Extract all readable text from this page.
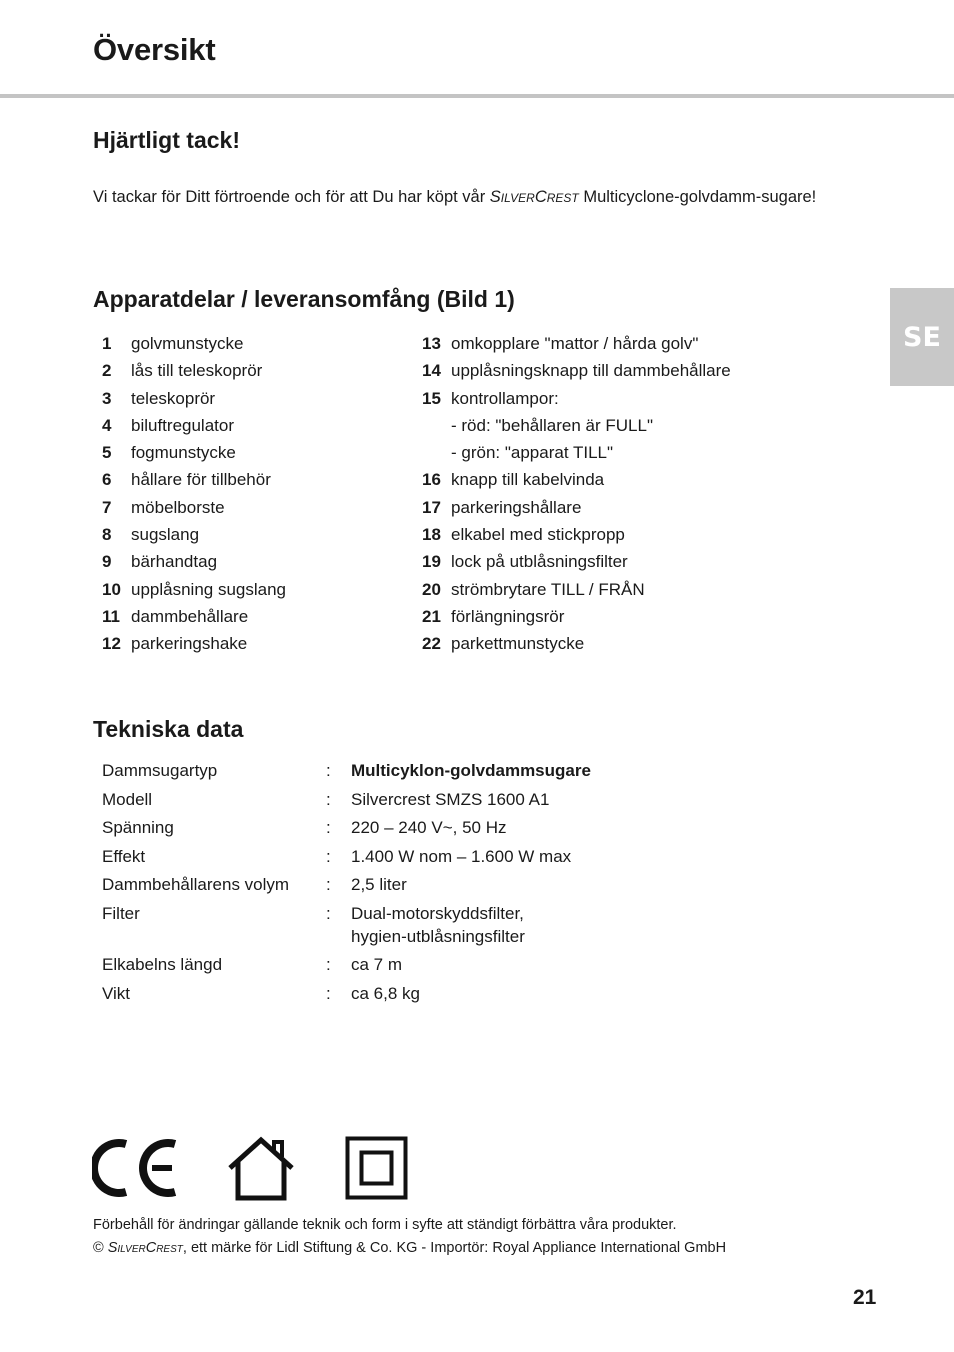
Översikt
SE
Hjärtligt tack!

Vi tackar för Ditt förtroende och för att Du har köpt vår SilverCrest Multicyclone-golvdamm-sugare!

Apparatdelar / leveransomfång (Bild 1)
1 golvmunstycke
2 lås till teleskoprör
3 teleskoprör
4 biluftregulator
5 fogmunstycke
6 hållare för tillbehör
7 möbelborste
8 sugslang
9 bärhandtag
10 upplåsning sugslang
11 dammbehållare
12 parkeringshake
13 omkopplare "mattor / hårda golv"
14 upplåsningsknapp till dammbehållare
15 kontrollampor:
- röd: "behållaren är FULL"
- grön: "apparat TILL"
16 knapp till kabelvinda
17 parkeringshållare
18 elkabel med stickpropp
19 lock på utblåsningsfilter
20 strömbrytare TILL / FRÅN
21 förlängningsrör
22 parkettmunstycke
Tekniska data
Dammsugartyp	:	Multicyklon-golvdammsugare
Modell	:	Silvercrest SMZS 1600 A1
Spänning	:	220 – 240 V~, 50 Hz
Effekt	:	1.400 W nom – 1.600 W max
Dammbehållarens volym	:	2,5 liter
Filter	:	Dual-motorskyddsfilter,
hygien-utblåsningsfilter

Elkabelns längd	:	ca 7 m
Vikt	:	ca 6,8 kg
Förbehåll för ändringar gällande teknik och form i syfte att ständigt förbättra våra produkter.
© SilverCrest, ett märke för Lidl Stiftung & Co. KG - Importör: Royal Appliance International GmbH
21
